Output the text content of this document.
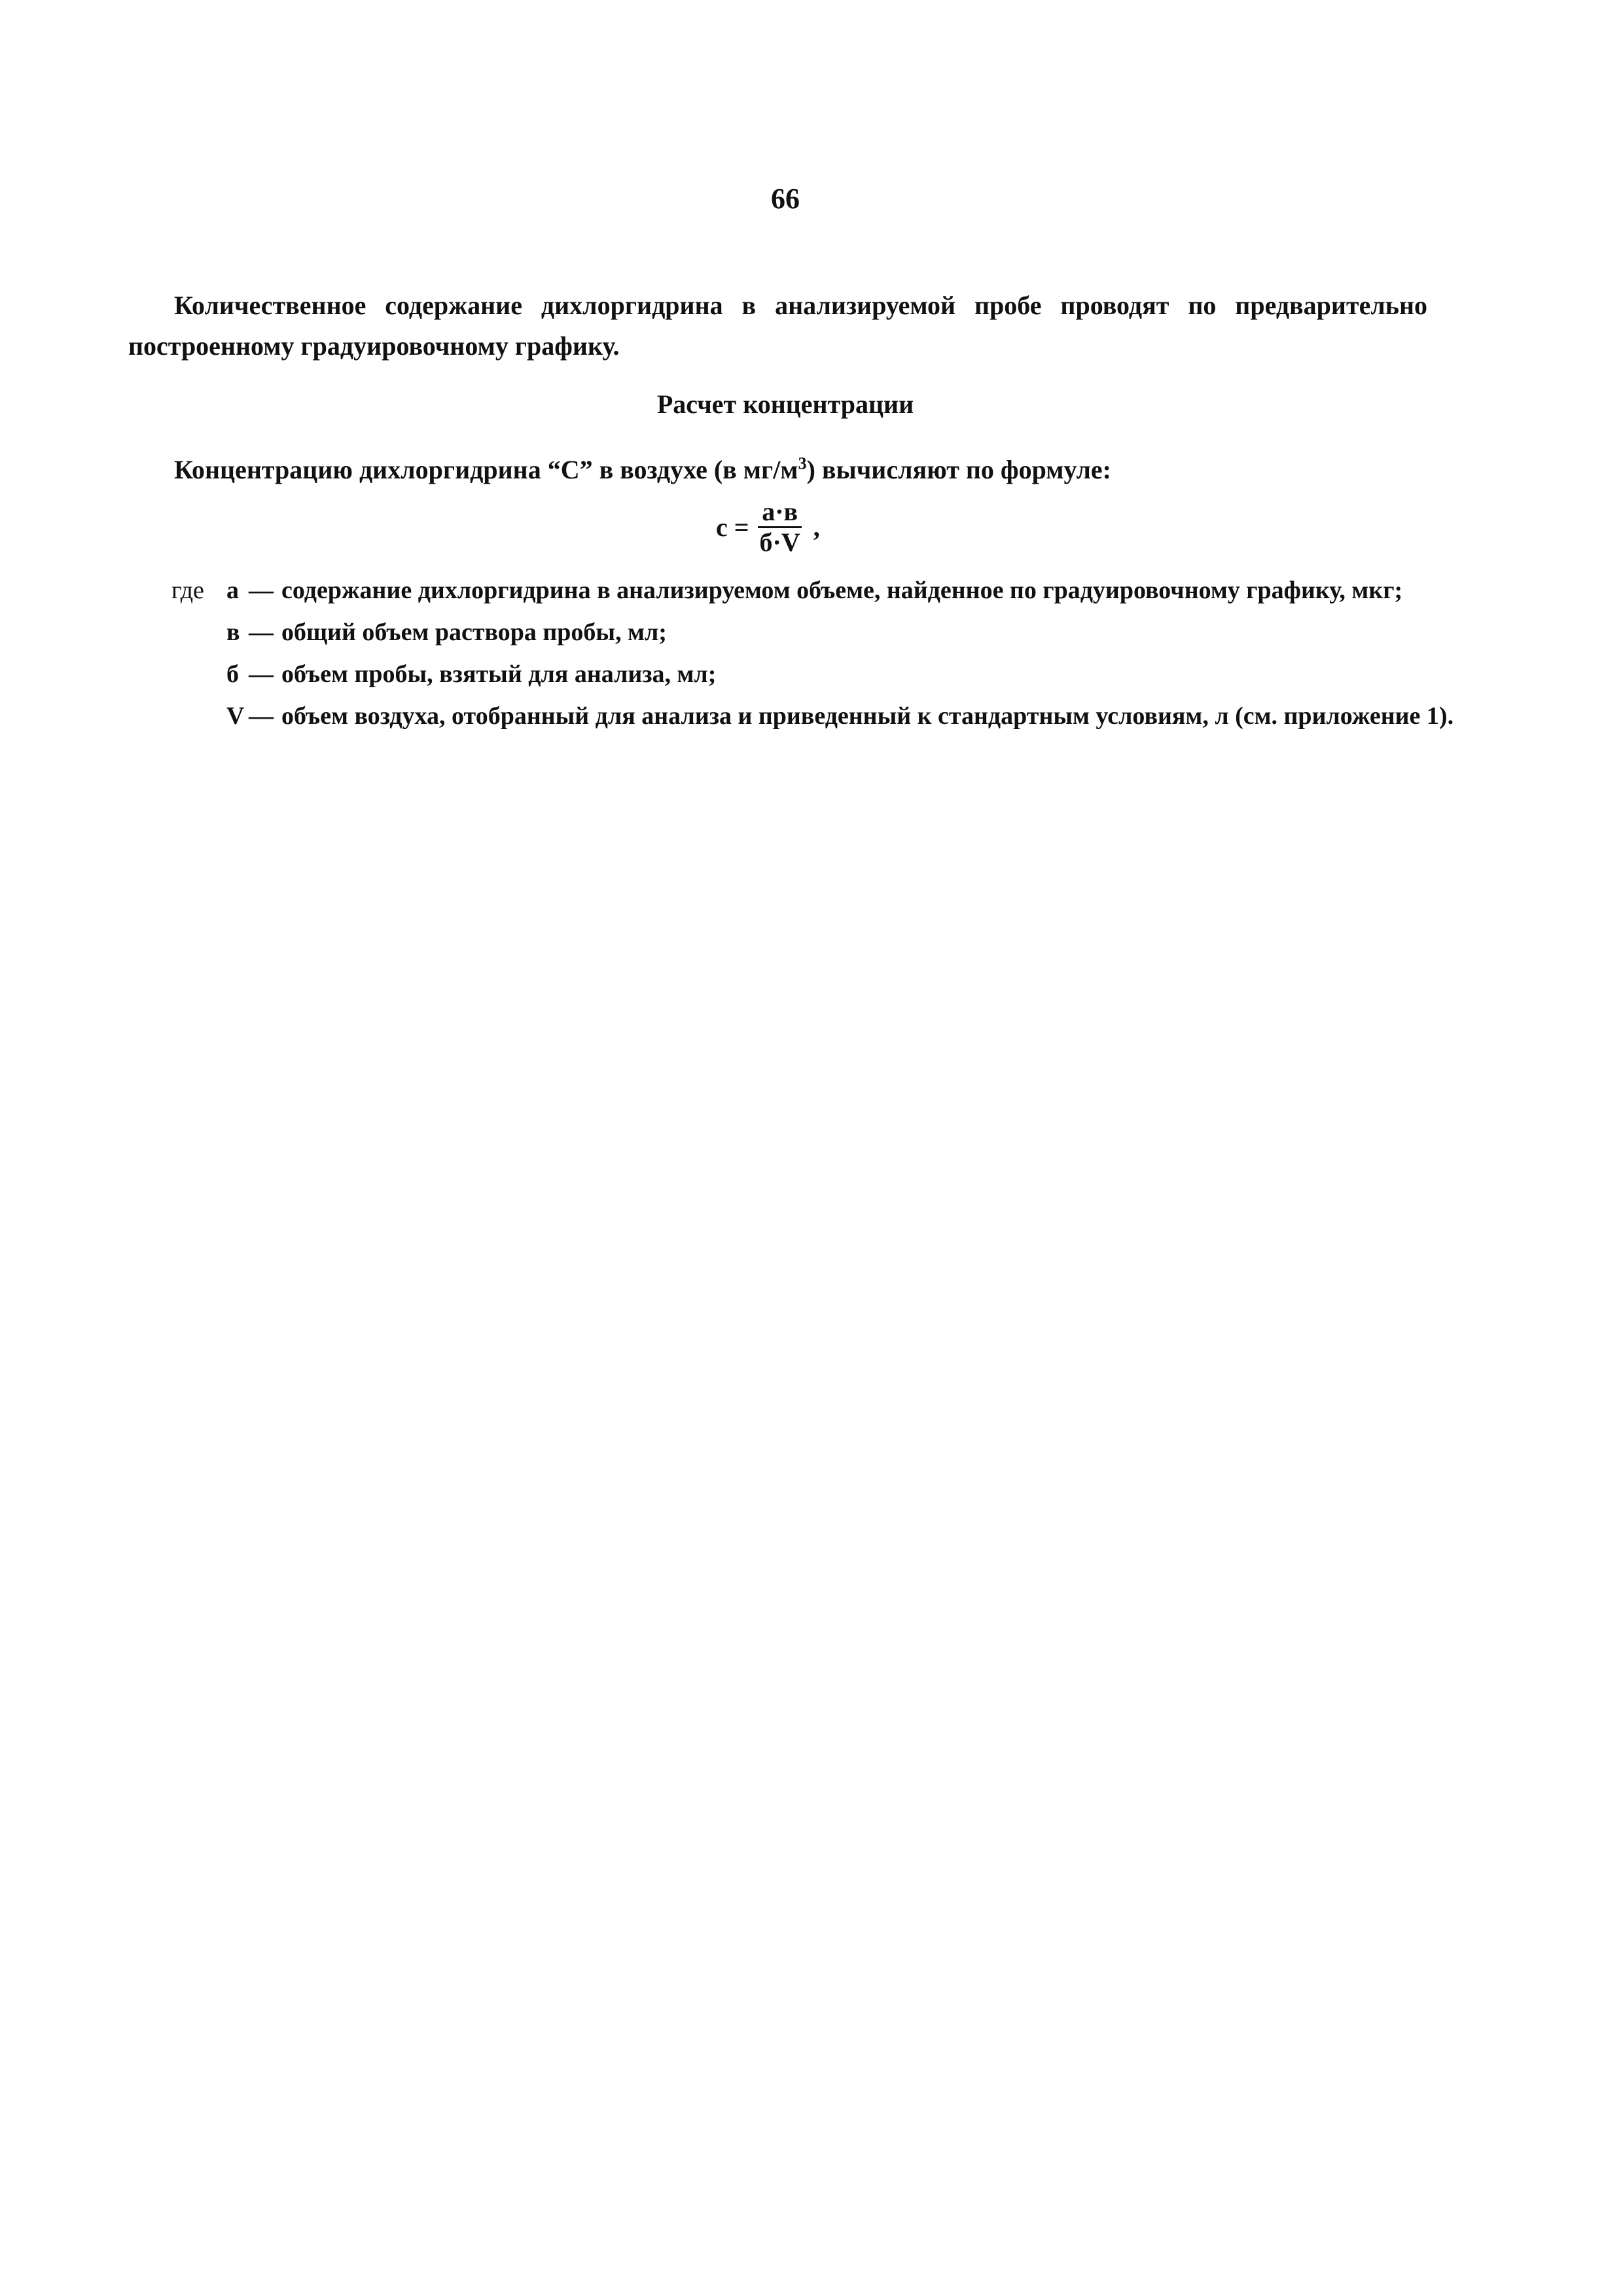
66

Количественное содержание дихлоргидрина в анализируемой пробе проводят по предварительно построенному градуировочному графику.

Расчет концентрации

Концентрацию дихлоргидрина “С” в воздухе (в $мг/м^3$) вычисляют по формуле:

$с = \frac{а\cdot в}{б\cdot V}$ ,
где а — содержание дихлоргидрина в анализируемом объеме, найденное по градуировочному графику, мкг;
в — общий объем раствора пробы, мл;
б — объем пробы, взятый для анализа, мл;
V — объем воздуха, отобранный для анализа и приведенный к стандартным условиям, л (см. приложение 1).
